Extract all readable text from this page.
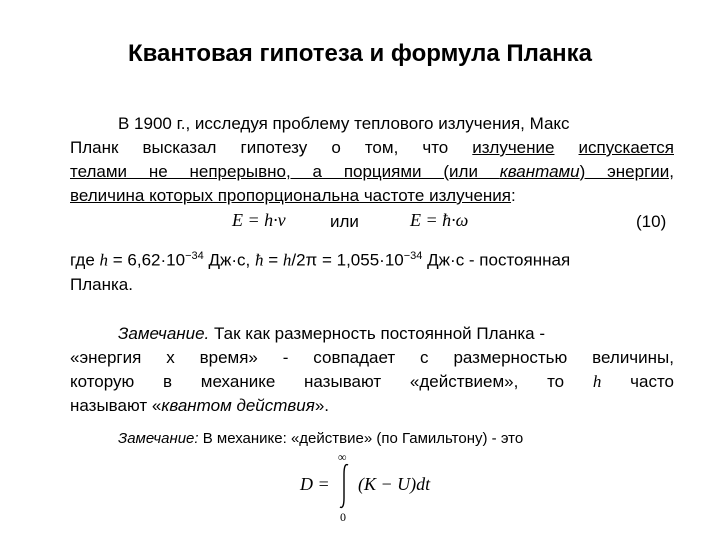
Квантовая гипотеза и формула Планка

В 1900 г., исследуя проблему теплового излучения, Макс

Планк высказал гипотезу о том, что излучение испускается

телами не непрерывно, а порциями (или квантами) энергии,

величина которых пропорциональна частоте излучения:

E = h·ν	или	E = ħ·ω	(10)

где $h = 6,62\cdot 10^{-34}$ Дж·с, ħ = $h/2\pi = 1,055\cdot 10^{-34}$ Дж·с - постоянная

Планка.

Замечание. Так как размерность постоянной Планка -

«энергия x время» - совпадает с размерностью величины,

которую в механике называют «действием», то h часто

называют «квантом действия».

Замечание: В механике: «действие» (по Гамильтону) - это
D =
∞
0
(K − U)dt
